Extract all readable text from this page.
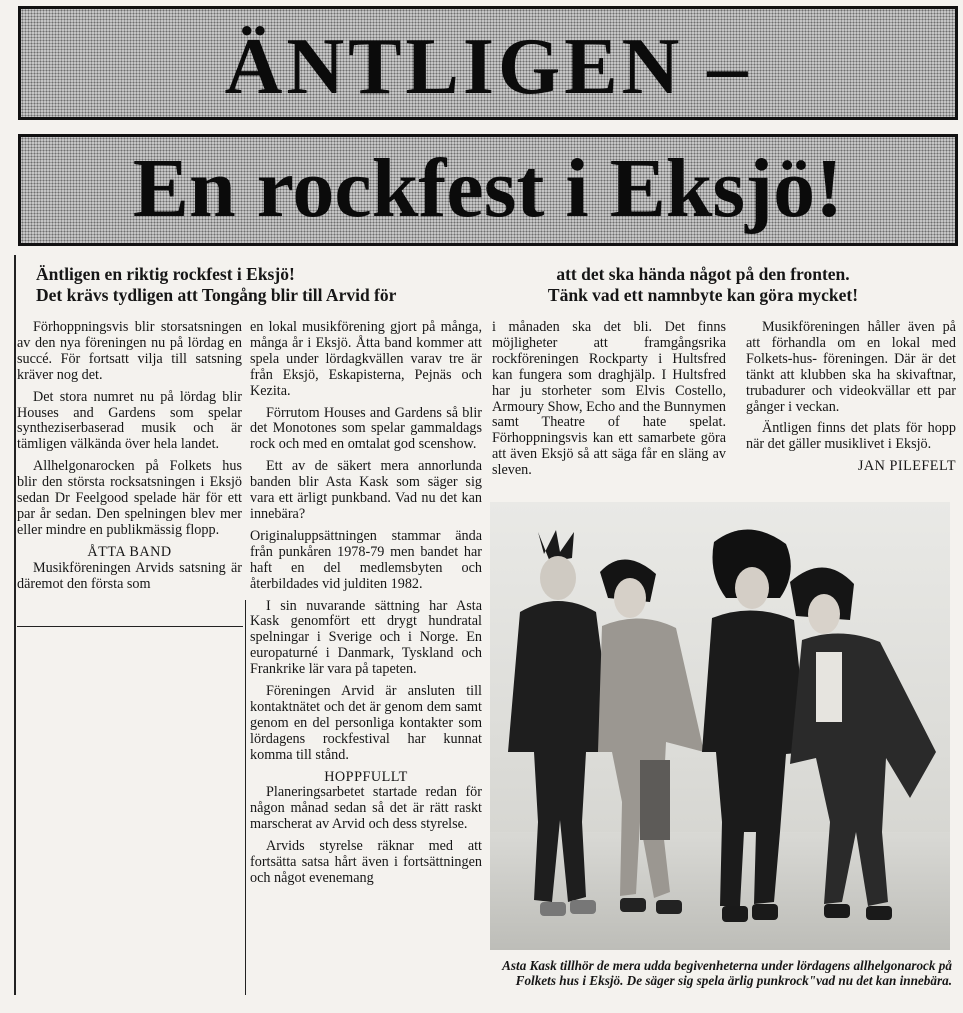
ÄNTLIGEN –
En rockfest i Eksjö!
Äntligen en riktig rockfest i Eksjö!
Det krävs tydligen att Tongång blir till Arvid för
att det ska hända något på den fronten.
Tänk vad ett namnbyte kan göra mycket!

Förhoppningsvis blir storsatsningen av den nya föreningen nu på lördag en succé. För fortsatt vilja till satsning kräver nog det.

Det stora numret nu på lördag blir Houses and Gardens som spelar syntheziserbaserad musik och är tämligen välkända över hela landet.

Allhelgonarocken på Folkets hus blir den största rocksatsningen i Eksjö sedan Dr Feelgood spelade här för ett par år sedan. Den spelningen blev mer eller mindre en publikmässig flopp.

ÅTTA BAND

Musikföreningen Arvids satsning är däremot den första som

en lokal musikförening gjort på många, många år i Eksjö. Åtta band kommer att spela under lördagkvällen varav tre är från Eksjö, Eskapisterna, Pejnäs och Kezita.

Förrutom Houses and Gardens så blir det Monotones som spelar gammaldags rock och med en omtalat god scenshow.

Ett av de säkert mera annorlunda banden blir Asta Kask som säger sig vara ett ärligt punkband. Vad nu det kan innebära?

Originaluppsättningen stammar ända från punkåren 1978-79 men bandet har haft en del medlemsbyten och återbildades vid julditen 1982.

I sin nuvarande sättning har Asta Kask genomfört ett drygt hundratal spelningar i Sverige och i Norge. En europaturné i Danmark, Tyskland och Frankrike lär vara på tapeten.

Föreningen Arvid är ansluten till kontaktnätet och det är genom dem samt genom en del personliga kontakter som lördagens rockfestival har kunnat komma till stånd.

HOPPFULLT

Planeringsarbetet startade redan för någon månad sedan så det är rätt raskt marscherat av Arvid och dess styrelse.

Arvids styrelse räknar med att fortsätta satsa hårt även i fortsättningen och något evenemang

i månaden ska det bli. Det finns möjligheter att framgångsrika rockföreningen Rockparty i Hultsfred kan fungera som draghjälp. I Hultsfred har ju storheter som Elvis Costello, Armoury Show, Echo and the Bunnymen samt Theatre of hate spelat. Förhoppningsvis kan ett samarbete göra att även Eksjö så att säga får en släng av sleven.

Musikföreningen håller även på att förhandla om en lokal med Folkets-hus- föreningen. Där är det tänkt att klubben ska ha skivaftnar, trubadurer och videokvällar ett par gånger i veckan.

Äntligen finns det plats för hopp när det gäller musiklivet i Eksjö.

JAN PILEFELT
Asta Kask tillhör de mera udda begivenheterna under lördagens allhelgonarock på Folkets hus i Eksjö. De säger sig spela ärlig punkrock"vad nu det kan innebära.
